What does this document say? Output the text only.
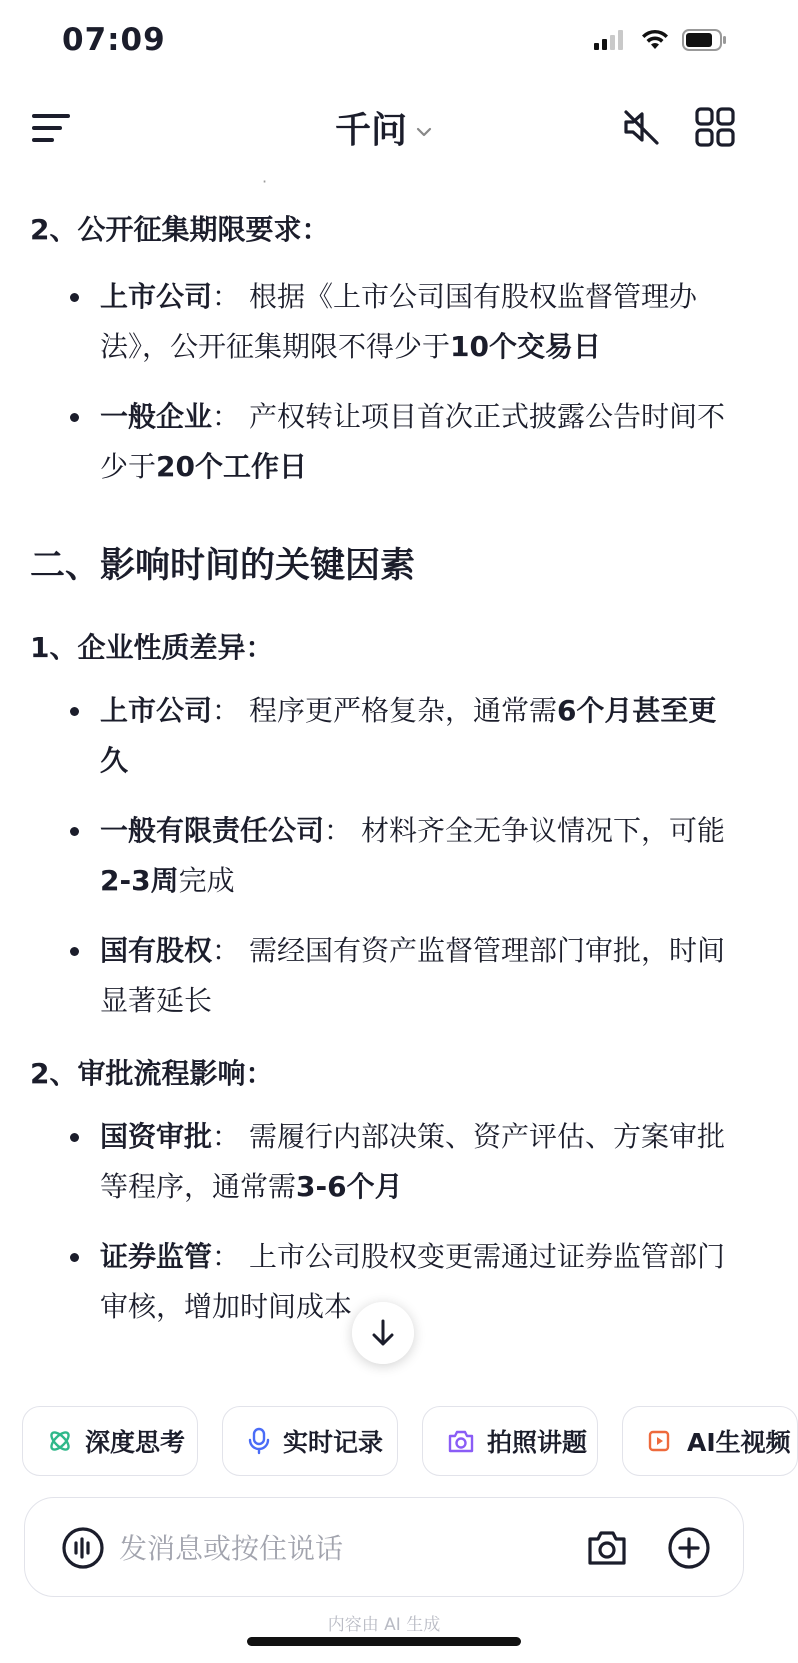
07:09
千问
·
2、公开征集期限要求：
上市公司： 根据《上市公司国有股权监督管理办法》，公开征集期限不得少于10个交易日
一般企业： 产权转让项目首次正式披露公告时间不少于20个工作日
二、影响时间的关键因素
1、企业性质差异：
上市公司： 程序更严格复杂，通常需6个月甚至更久
一般有限责任公司： 材料齐全无争议情况下，可能2-3周完成
国有股权： 需经国有资产监督管理部门审批，时间显著延长
2、审批流程影响：
国资审批： 需履行内部决策、资产评估、方案审批等程序，通常需3-6个月
证券监管： 上市公司股权变更需通过证券监管部门审核，增加时间成本
深度思考	实时记录	拍照讲题	AI生视频
发消息或按住说话
内容由 AI 生成
